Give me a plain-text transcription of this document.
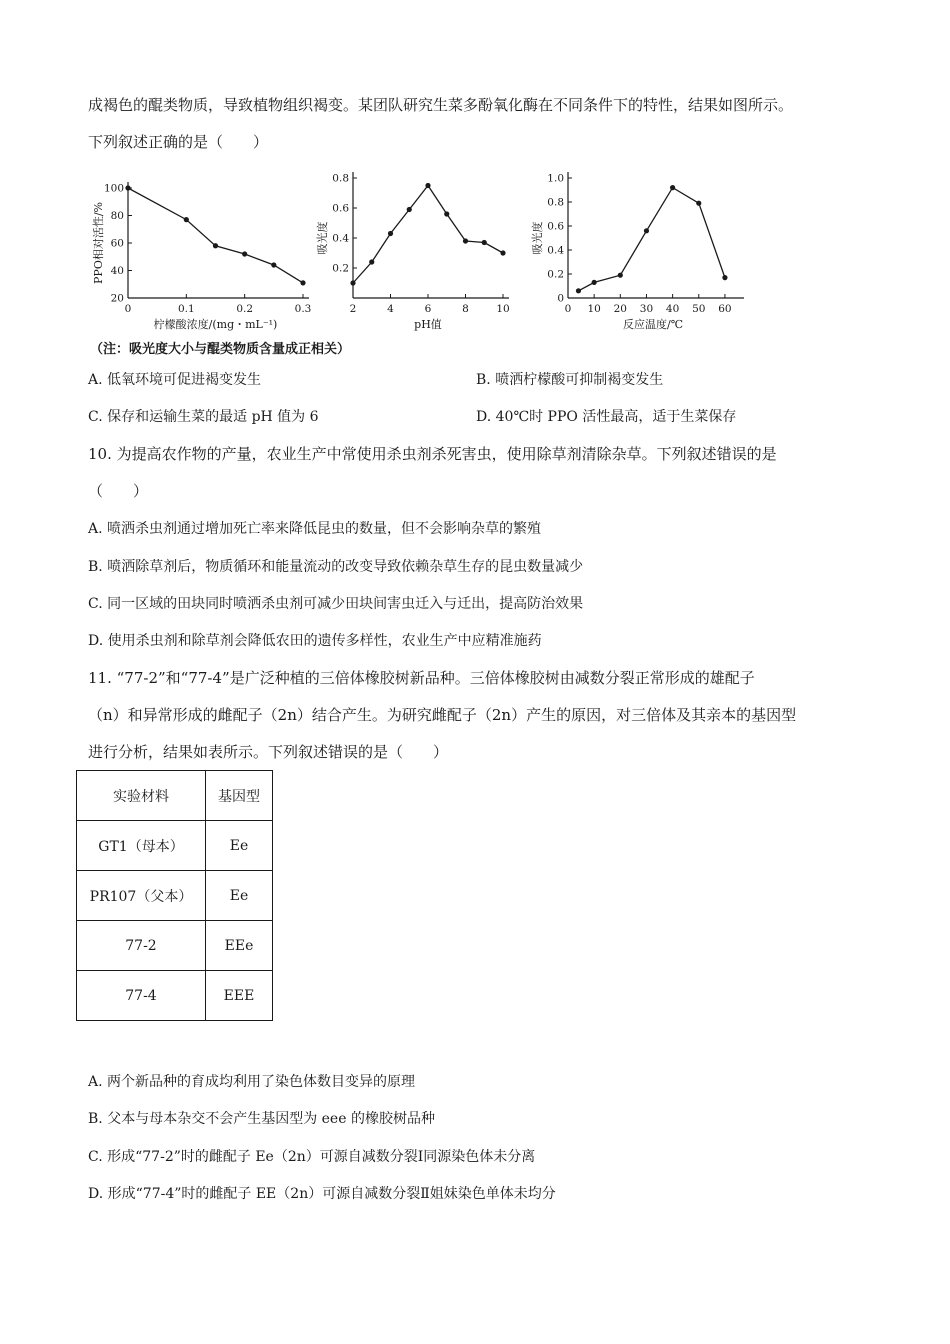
成褐色的醌类物质，导致植物组织褐变。某团队研究生菜多酚氧化酶在不同条件下的特性，结果如图所示。
下列叙述正确的是（　　）
20
40
60
80
100
0	0.1	0.2	0.3
柠檬酸浓度/(mg・mL⁻¹)
PPO相对活性/%	0.2
0.4
0.6
0.8
2	4	6	8	10
pH值
吸光度
0
0.2
0.4
0.6
0.8
1.0
0 10 20 30 40 50 60
反应温度/℃
吸光度
（注：吸光度大小与醌类物质含量成正相关）
A. 低氧环境可促进褐变发生	B. 喷洒柠檬酸可抑制褐变发生
C. 保存和运输生菜的最适 pH 值为 6	D. 40℃时 PPO 活性最高，适于生菜保存
10. 为提高农作物的产量，农业生产中常使用杀虫剂杀死害虫，使用除草剂清除杂草。下列叙述错误的是
（　　）
A. 喷洒杀虫剂通过增加死亡率来降低昆虫的数量，但不会影响杂草的繁殖
B. 喷洒除草剂后，物质循环和能量流动的改变导致依赖杂草生存的昆虫数量减少
C. 同一区域的田块同时喷洒杀虫剂可减少田块间害虫迁入与迁出，提高防治效果
D. 使用杀虫剂和除草剂会降低农田的遗传多样性，农业生产中应精准施药
11. “77-2”和“77-4”是广泛种植的三倍体橡胶树新品种。三倍体橡胶树由减数分裂正常形成的雄配子
（n）和异常形成的雌配子（2n）结合产生。为研究雌配子（2n）产生的原因，对三倍体及其亲本的基因型
进行分析，结果如表所示。下列叙述错误的是（　　）
实验材料	基因型
GT1（母本）	Ee
PR107（父本）	Ee
77-2	EEe
77-4	EEE
A. 两个新品种的育成均利用了染色体数目变异的原理
B. 父本与母本杂交不会产生基因型为 eee 的橡胶树品种
C. 形成“77-2”时的雌配子 Ee（2n）可源自减数分裂Ⅰ同源染色体未分离
D. 形成“77-4”时的雌配子 EE（2n）可源自减数分裂Ⅱ姐妹染色单体未均分
